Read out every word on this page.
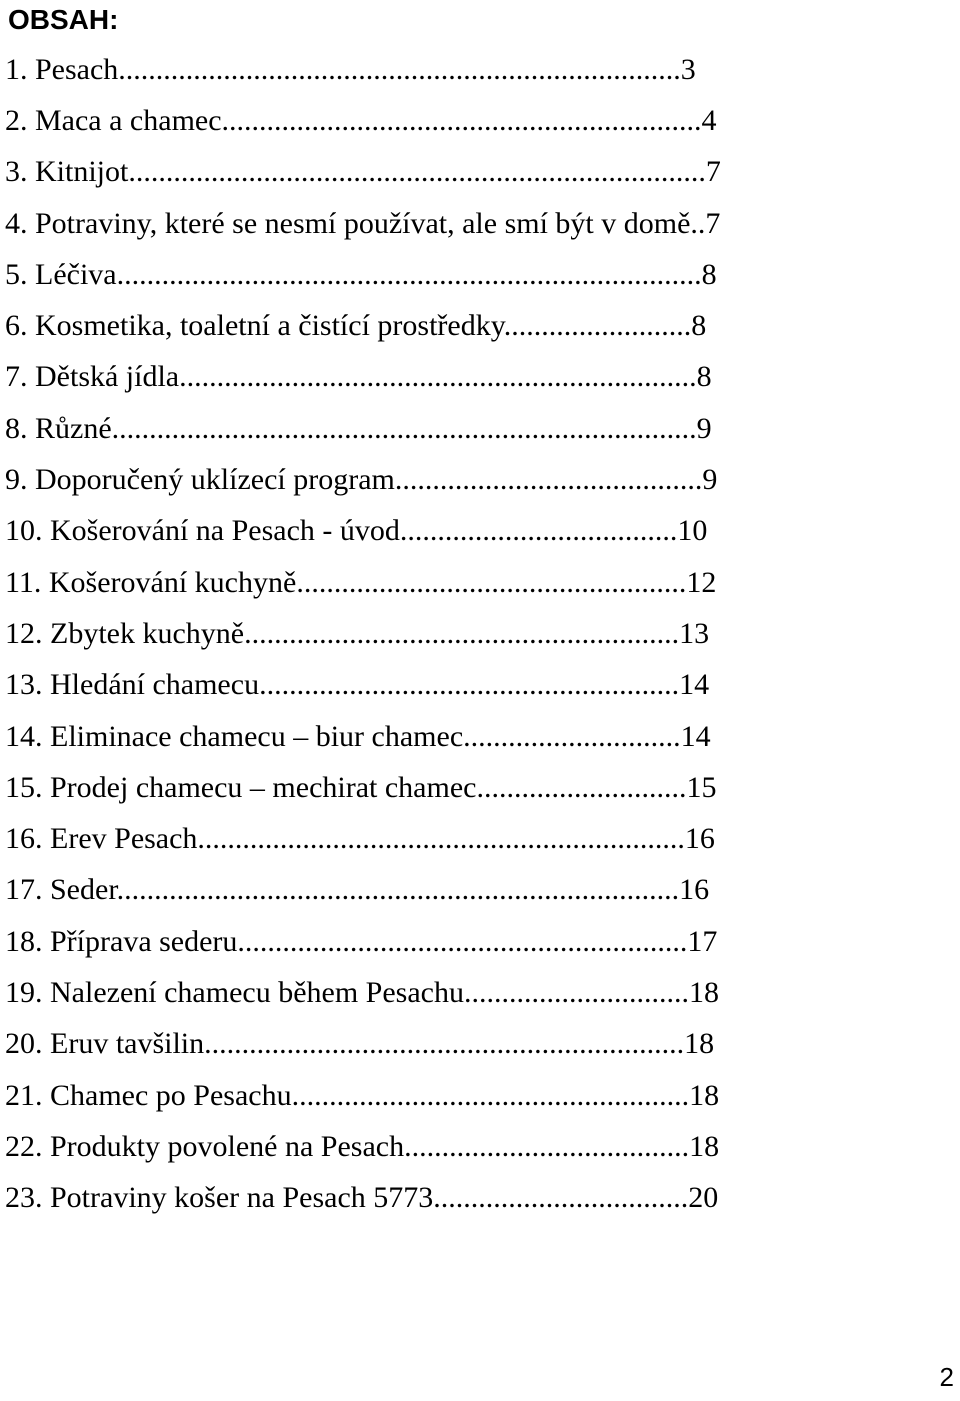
OBSAH:
1. Pesach...........................................................................3
2. Maca a chamec................................................................4
3. Kitnijot.............................................................................7
4. Potraviny, které se nesmí používat, ale smí být v domě..7
5. Léčiva..............................................................................8
6. Kosmetika, toaletní a čistící prostředky.........................8
7. Dětská jídla.....................................................................8
8. Různé..............................................................................9
9. Doporučený uklízecí program.........................................9
10. Košerování na Pesach - úvod.....................................10
11. Košerování kuchyně....................................................12
12. Zbytek kuchyně..........................................................13
13. Hledání chamecu........................................................14
14. Eliminace chamecu – biur chamec.............................14
15. Prodej chamecu – mechirat chamec............................15
16. Erev Pesach.................................................................16
17. Seder...........................................................................16
18. Příprava sederu............................................................17
19. Nalezení chamecu během Pesachu..............................18
20. Eruv tavšilin................................................................18
21. Chamec po Pesachu.....................................................18
22. Produkty povolené na Pesach......................................18
23. Potraviny košer na Pesach 5773..................................20
2
